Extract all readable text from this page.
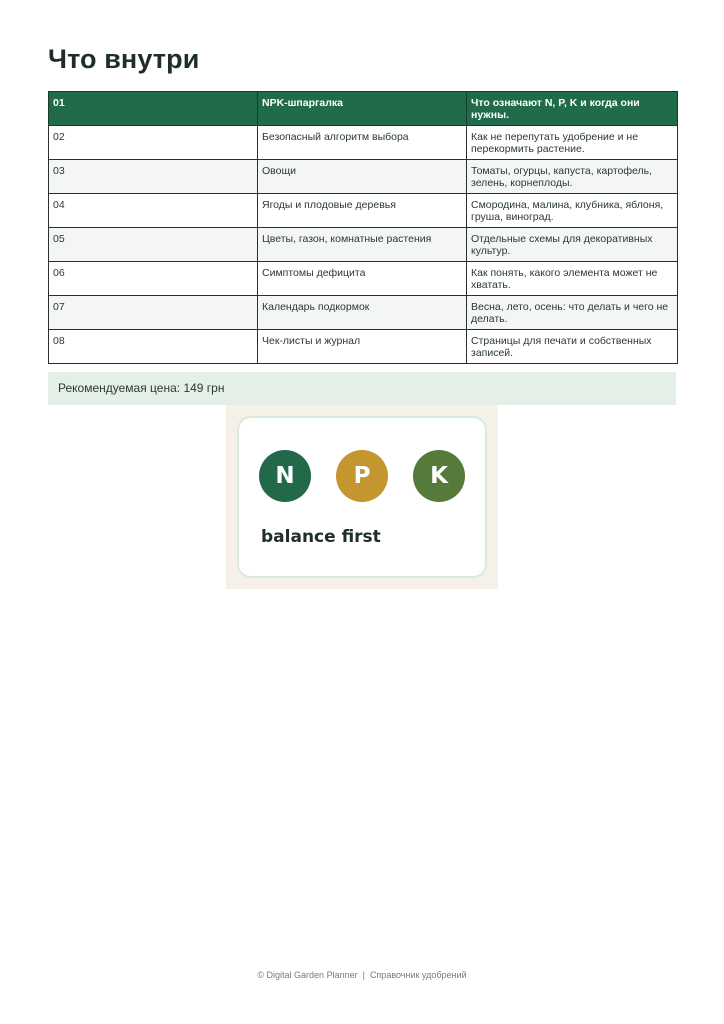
Что внутри
01	NPK-шпаргалка	Что означают N, P, K и когда они нужны.
02	Безопасный алгоритм выбора	Как не перепутать удобрение и не перекормить растение.
03	Овощи	Томаты, огурцы, капуста, картофель, зелень, корнеплоды.
04	Ягоды и плодовые деревья	Смородина, малина, клубника, яблоня, груша, виноград.
05	Цветы, газон, комнатные растения	Отдельные схемы для декоративных культур.
06	Симптомы дефицита	Как понять, какого элемента может не хватать.
07	Календарь подкормок	Весна, лето, осень: что делать и чего не делать.
08	Чек-листы и журнал	Страницы для печати и собственных записей.
Рекомендуемая цена: 149 грн
N	P	K
balance first
© Digital Garden Planner | Справочник удобрений
